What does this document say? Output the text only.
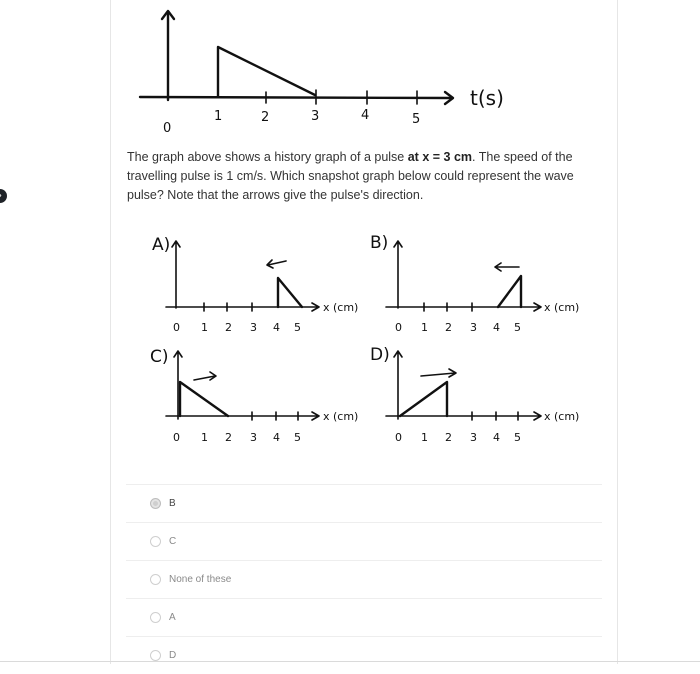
0
1	2	3	4	5
t(s)
The graph above shows a history graph of a pulse at x = 3 cm. The speed of the travelling pulse is 1 cm/s. Which snapshot graph below could represent the wave pulse? Note that the arrows give the pulse's direction.
A)
x (cm)
0 1 2 3 4 5
B)
x (cm)
0 1 2 3 4 5
C)
x (cm)
0 1 2 3 4 5
D)
x (cm)
0 1 2 3 4 5
B
C
None of these
A
D
